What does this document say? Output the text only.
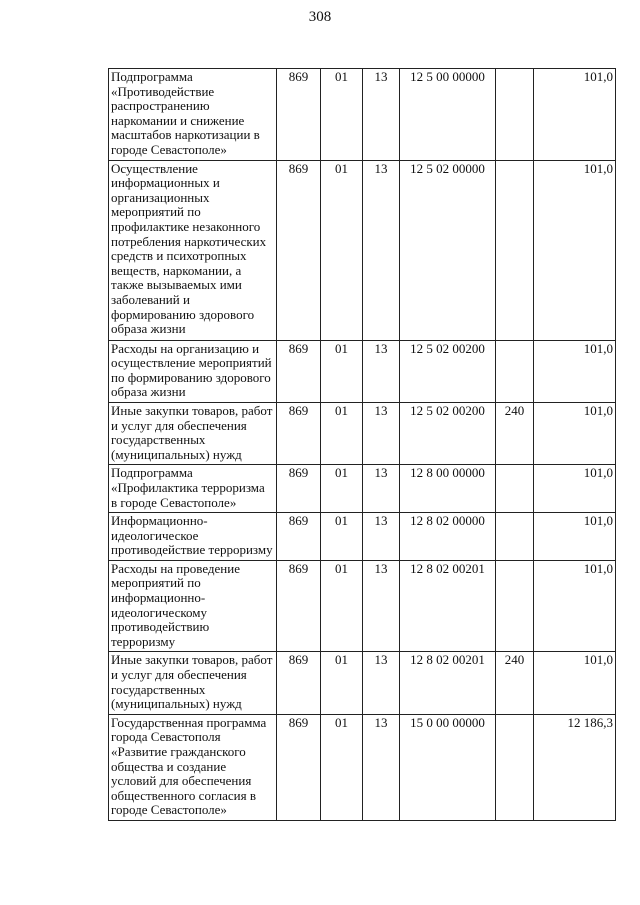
308
Подпрограмма «Противодействие распространению наркомании и снижение масштабов наркотизации в городе Севастополе»	869	01	13	12 5 00 00000		101,0
Осуществление информационных и организационных мероприятий по профилактике незаконного потребления наркотических средств и психотропных веществ, наркомании, а также вызываемых ими заболеваний и формированию здорового образа жизни	869	01	13	12 5 02 00000		101,0
Расходы на организацию и осуществление мероприятий по формированию здорового образа жизни	869	01	13	12 5 02 00200		101,0
Иные закупки товаров, работ и услуг для обеспечения государственных (муниципальных) нужд	869	01	13	12 5 02 00200	240	101,0
Подпрограмма «Профилактика терроризма в городе Севастополе»	869	01	13	12 8 00 00000		101,0
Информационно-идеологическое противодействие терроризму	869	01	13	12 8 02 00000		101,0
Расходы на проведение мероприятий по информационно-идеологическому противодействию терроризму	869	01	13	12 8 02 00201		101,0
Иные закупки товаров, работ и услуг для обеспечения государственных (муниципальных) нужд	869	01	13	12 8 02 00201	240	101,0
Государственная программа города Севастополя «Развитие гражданского общества и создание условий для обеспечения общественного согласия в городе Севастополе»	869	01	13	15 0 00 00000		12 186,3
